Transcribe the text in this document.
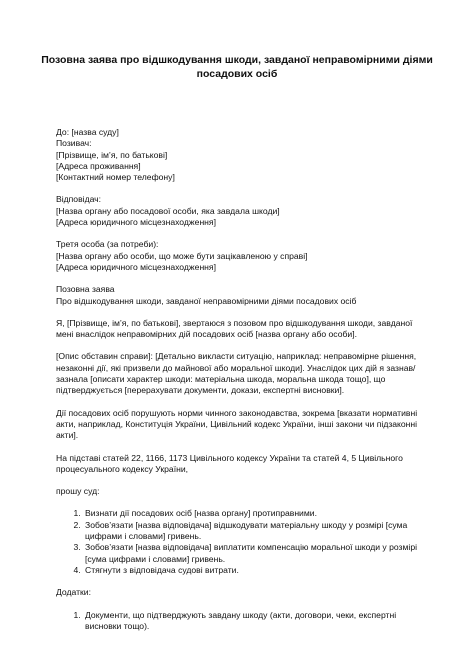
Позовна заява про відшкодування шкоди, завданої неправомірними діями посадових осіб
До: [назва суду]
Позивач:
[Прізвище, ім’я, по батькові]
[Адреса проживання]
[Контактний номер телефону]
Відповідач:
[Назва органу або посадової особи, яка завдала шкоди]
[Адреса юридичного місцезнаходження]
Третя особа (за потреби):
[Назва органу або особи, що може бути зацікавленою у справі]
[Адреса юридичного місцезнаходження]
Позовна заява
Про відшкодування шкоди, завданої неправомірними діями посадових осіб

Я, [Прізвище, ім’я, по батькові], звертаюся з позовом про відшкодування шкоди, завданої мені внаслідок неправомірних дій посадових осіб [назва органу або особи].

[Опис обставин справи]: [Детально викласти ситуацію, наприклад: неправомірне рішення, незаконні дії, які призвели до майнової або моральної шкоди]. Унаслідок цих дій я зазнав/зазнала [описати характер шкоди: матеріальна шкода, моральна шкода тощо], що підтверджується [перерахувати документи, докази, експертні висновки].

Дії посадових осіб порушують норми чинного законодавства, зокрема [вказати нормативні акти, наприклад, Конституція України, Цивільний кодекс України, інші закони чи підзаконні акти].

На підставі статей 22, 1166, 1173 Цивільного кодексу України та статей 4, 5 Цивільного процесуального кодексу України,

прошу суд:

1. Визнати дії посадових осіб [назва органу] протиправними.
2. Зобов’язати [назва відповідача] відшкодувати матеріальну шкоду у розмірі [сума цифрами і словами] гривень.
3. Зобов’язати [назва відповідача] виплатити компенсацію моральної шкоди у розмірі [сума цифрами і словами] гривень.
4. Стягнути з відповідача судові витрати.

Додатки:

1. Документи, що підтверджують завдану шкоду (акти, договори, чеки, експертні висновки тощо).
